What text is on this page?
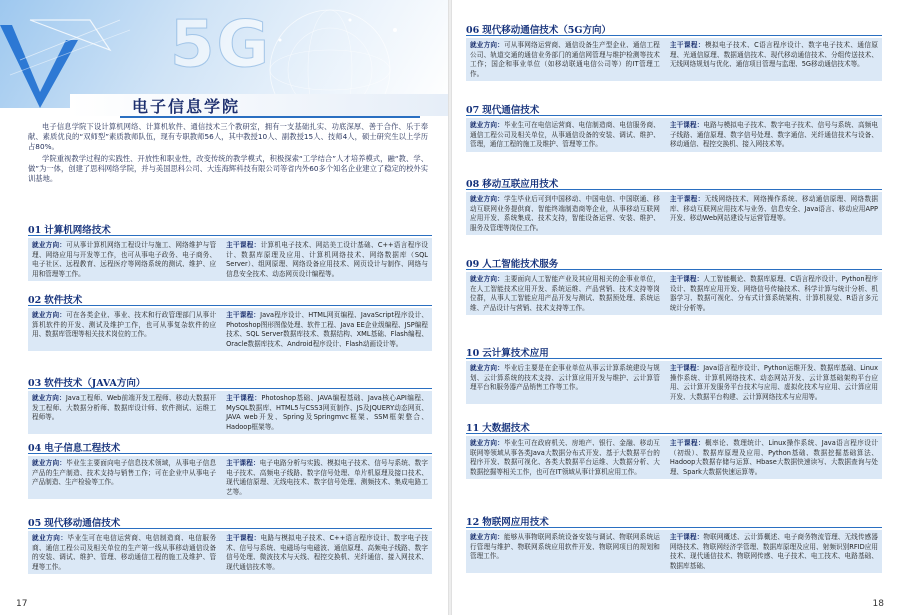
5G
电子信息学院

电子信息学院下设计算机网络、计算机软件、通信技术三个教研室，拥有一支基础扎实、功底深厚、善于合作、乐于奉献、素质优良的“双师型”素质教师队伍，现有专职教师56人，其中教授10人、副教授15人、技师4人，硕士研究生以上学历占80%。

学院重视教学过程的实践性、开放性和职业性，改变传统的教学模式，积极探索“工学结合”人才培养模式，融“教、学、做”为一体，创建了思科网络学院，并与美国思科公司、大连海辉科技有限公司等省内外60多个知名企业建立了稳定的校外实训基地。

01 计算机网络技术
就业方向：可从事计算机网络工程设计与施工、网络维护与管理、网络应用与开发等工作，也可从事电子政务、电子商务、电子社区、远程教育、远程医疗等网络系统的测试、维护、应用和管理等工作。
主干课程：计算机电子技术、网站美工设计基础、C++语言程序设计、数据库原理及应用、计算机网络技术、网络数据库（SQL Server）、组网原理、网络设备应用技术、网页设计与制作、网络与信息安全技术、动态网页设计编程等。
02 软件技术
就业方向：可在各类企业、事业、技术和行政管理部门从事计算机软件的开发、测试及维护工作，也可从事复杂软件的应用、数据库管理等相关技术岗位的工作。
主干课程：Java程序设计、HTML网页编程、JavaScript程序设计、Photoshop图形图像处理、软件工程、Java EE企业级编程、JSP编程技术、SQL Server数据库技术、数据结构、XML基础、Flash编程、Oracle数据库技术、Android程序设计、Flash动画设计等。
03 软件技术（JAVA方向）
就业方向：Java工程师、Web前端开发工程师、移动大数据开发工程师、大数据分析师、数据库设计师、软件测试、运维工程师等。
主干课程：Photoshop基础、JAVA编程基础、Java核心API编程、MySQL数据库、HTML5与CSS3网页制作、JS及JQUERY动态网页、JAVA web开发、Spring及Springmvc框架、SSM框架整合、Hadoop框架等。
04 电子信息工程技术
就业方向：毕业生主要面向电子信息技术领域，从事电子信息产品的生产制造、技术支持与销售工作；可在企业中从事电子产品制造、生产检验等工作。
主干课程：电子电路分析与实践、模拟电子技术、信号与系统、数字电子技术、高频电子线路、数字信号处理、单片机原理及接口技术、现代通信原理、无线电技术、数字信号处理、测频技术、集成电路工艺等。
05 现代移动通信技术
就业方向：毕业生可在电信运营商、电信制造商、电信服务商、通信工程公司及相关单位的生产第一线从事移动通信设备的安装、调试、维护、管理、移动通信工程的施工及维护、管理等工作。
主干课程：电路与模拟电子技术、C++语言程序设计、数字电子技术、信号与系统、电磁场与电磁波、通信原理、高频电子线路、数字信号处理、微波技术与天线、程控交换机、光纤通信、接入网技术、现代通信技术等。
17
06 现代移动通信技术（5G方向）
就业方向：可从事网络运营商、通信设备生产型企业、通信工程公司、轨道交通的通信业务部门的通信网管理与维护检测等技术工作；国企和事业单位（如移动联通电信公司等）的IT管理工作。
主干课程：模拟电子技术、C语言程序设计、数字电子技术、通信原理、光通信原理、数据通信技术、现代移动通信技术、分组传送技术、无线网络规划与优化、通信项目管理与监理、5G移动通信技术等。
07 现代通信技术
就业方向：毕业生可在电信运营商、电信制造商、电信服务商、通信工程公司及相关单位，从事通信设备的安装、调试、维护、管理，通信工程的施工及维护、管理等工作。
主干课程：电路与模拟电子技术、数字电子技术、信号与系统、高频电子线路、通信原理、数字信号处理、数字通信、光纤通信技术与设备、移动通信、程控交换机、接入网技术等。
08 移动互联应用技术
就业方向：学生毕业后可到中国移动、中国电信、中国联通、移动互联网业务提供商、智能终端制造商等企业，从事移动互联网应用开发、系统集成、技术支持，智能设备运营、安装、维护、服务及管理等岗位工作。
主干课程：无线网络技术、网络操作系统、移动通信原理、网络数据库、移动互联网应用技术与业务、信息安全、Java语言、移动应用APP开发、移动Web网站建设与运营管理等。
09 人工智能技术服务
就业方向：主要面向人工智能产业及其应用相关的企事业单位，在人工智能技术应用开发、系统运维、产品营销、技术支持等岗位群，从事人工智能应用产品开发与测试、数据预处理、系统运维、产品设计与营销、技术支持等工作。
主干课程：人工智能概论、数据库原理、C语言程序设计、Python程序设计、数据库应用开发、网络信号传输技术、科学计算与统计分析、机器学习、数据可视化、分布式计算系统架构、计算机视觉、R语言多元统计分析等。
10 云计算技术应用
就业方向：毕业后主要是在企事业单位从事云计算系统建设与规划、云计算系统的技术支持、云计算应用开发与维护、云计算管理平台和服务器产品销售工作等工作。
主干课程：Java语言程序设计、Python运维开发、数据库基础、Linux操作系统、计算机网络技术、动态网站开发、云计算基础架构平台应用、云计算开发服务平台技术与应用、虚拟化技术与应用、云计算应用开发、大数据平台构建、云计算网络技术与应用等。
11 大数据技术
就业方向：毕业生可在政府机关、房地产、银行、金融、移动互联网等领域从事各类Java大数据分布式开发、基于大数据平台的程序开发、数据可视化、各类大数据平台运维、大数据分析、大数据挖掘等相关工作，也可在IT领域从事计算机应用工作。
主干课程：概率论、数理统计、Linux操作系统、Java语言程序设计（初级）、数据库原理及应用、Python基础、数据挖掘基础算法、Hadoop大数据存储与运算、Hbase大数据快速读写、大数据查询与处理、Spark大数据快速运算等。
12 物联网应用技术
就业方向：能够从事物联网系统设备安装与调试、物联网系统运行管理与维护、物联网系统应用软件开发、物联网项目的规划和管理工作。
主干课程：物联网概述、云计算概述、电子商务物流管理、无线传感器网络技术、物联网经济学管理、数据库原理及应用、射频识别RFID应用技术、现代通信技术、物联网传感、电子技术、电工技术、电路基础、数据库基础、
18
